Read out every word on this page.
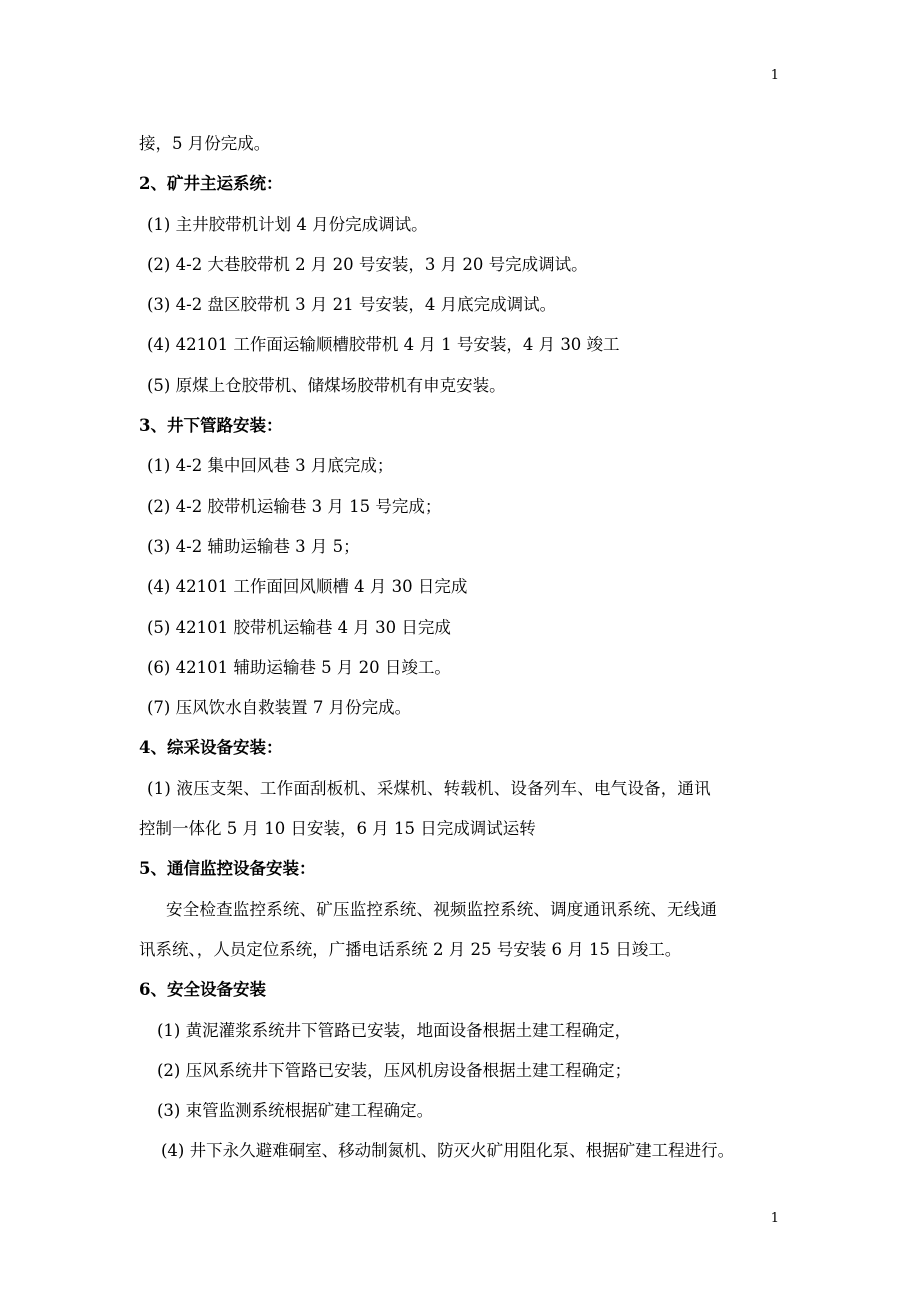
1
接，5 月份完成。
2、矿井主运系统：
(1) 主井胶带机计划 4 月份完成调试。
(2) 4-2 大巷胶带机 2 月 20 号安装，3 月 20 号完成调试。
(3) 4-2 盘区胶带机 3 月 21 号安装，4 月底完成调试。
(4) 42101 工作面运输顺槽胶带机 4 月 1 号安装，4 月 30 竣工
(5) 原煤上仓胶带机、储煤场胶带机有申克安装。
3、井下管路安装：
(1) 4-2 集中回风巷 3 月底完成；
(2) 4-2 胶带机运输巷 3 月 15 号完成；
(3) 4-2 辅助运输巷 3 月 5；
(4) 42101 工作面回风顺槽 4 月 30 日完成
(5) 42101 胶带机运输巷 4 月 30 日完成
(6) 42101 辅助运输巷 5 月 20 日竣工。
(7) 压风饮水自救装置 7 月份完成。
4、综采设备安装：
(1) 液压支架、工作面刮板机、采煤机、转载机、设备列车、电气设备，通讯
控制一体化 5 月 10 日安装，6 月 15 日完成调试运转
5、通信监控设备安装：
安全检查监控系统、矿压监控系统、视频监控系统、调度通讯系统、无线通
讯系统、，人员定位系统，广播电话系统 2 月 25 号安装 6 月 15 日竣工。
6、安全设备安装
(1) 黄泥灌浆系统井下管路已安装，地面设备根据土建工程确定，
(2) 压风系统井下管路已安装，压风机房设备根据土建工程确定；
(3) 束管监测系统根据矿建工程确定。
(4) 井下永久避难硐室、移动制氮机、防灭火矿用阻化泵、根据矿建工程进行。
1
